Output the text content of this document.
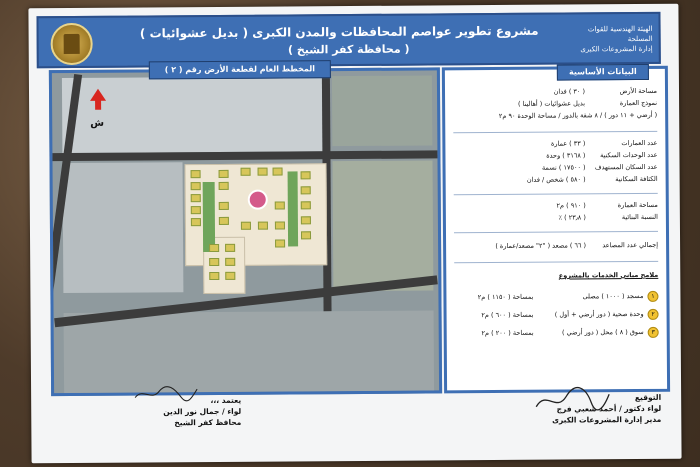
مشروع تطوير عواصم المحافظات والمدن الكبرى ( بديل عشوائيات )
( محافظة كفر الشيخ )
الهيئة الهندسية للقوات المسلحة
إدارة المشروعات الكبرى
المخطط العام لقطعة الأرض رقم ( ٢ )
ش
البيانات الأساسية
مساحة الأرض( ٣٠ ) فدان
نموذج العمارةبديل عشوائيات ( أهالينا )
( أرضي + ١١ دور ) / ٨ شقة بالدور / مساحة الوحدة ٩٠ م٢
عدد العمارات( ٣٣ ) عمارة
عدد الوحدات السكنية( ٣١٦٨ ) وحدة
عدد السكان المستهدف( ١٧٥٠٠ ) نسمة
الكثافة السكانية( ٥٨٠ ) شخص / فدان
مساحة العمارة( ٩١٠ ) م٢
النسبة البنائية( ٢٣٫٨ ) ٪
إجمالي عدد المصاعد( ٦٦ ) مصعد ( "٢" مصعد/عمارة )
ملامح مباني الخدمات بالمشروع
١مسجد ( ١٠٠٠ ) مصلىبمساحة ( ١١٥٠ ) م٢
٢وحدة صحية ( دور أرضي + أول )بمساحة ( ٦٠٠ ) م٢
٣سوق ( ٨ ) محل ( دور أرضي )بمساحة ( ٢٠٠ ) م٢
التوقيع
لواء دكتور / أحمد شعبي فرج
مدير إدارة المشروعات الكبرى
يعتمد ،،،
لواء / جمال نور الدين
محافظ كفر الشيخ
